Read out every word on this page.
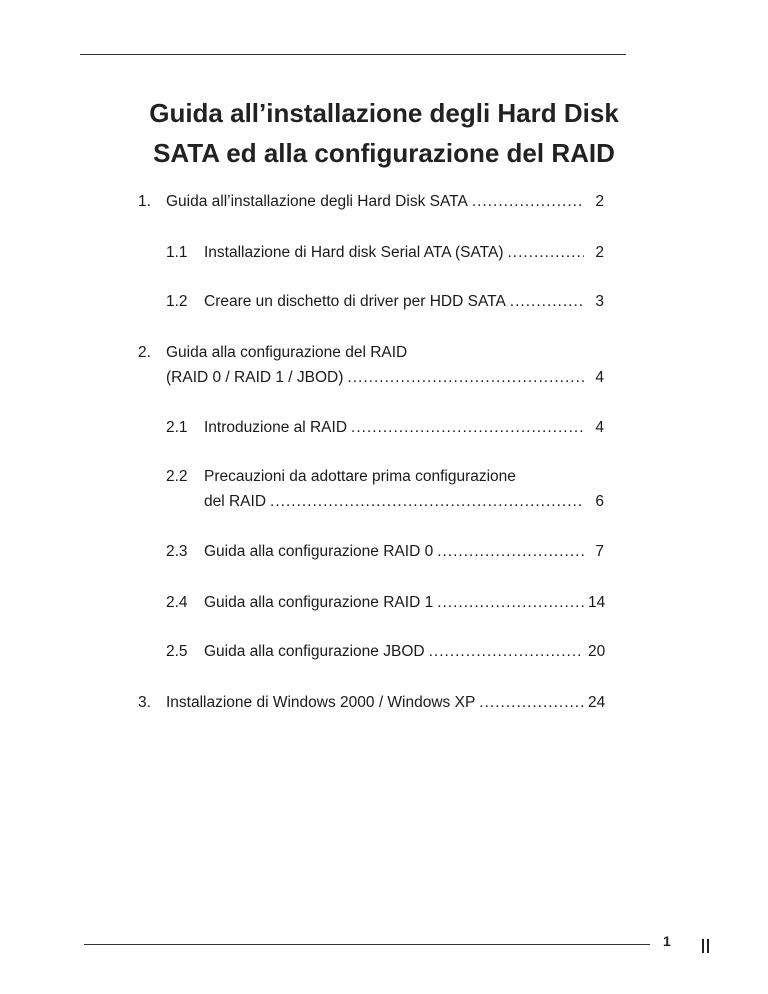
Guida all’installazione degli Hard Disk
SATA ed alla configurazione del RAID
1. Guida all’installazione degli Hard Disk SATA .....	2
1.1 Installazione di Hard disk Serial ATA (SATA) .....	2
1.2 Creare un dischetto di driver per HDD SATA .....	3
2. Guida alla configurazione del RAID
(RAID 0 / RAID 1 / JBOD) .....	4
2.1 Introduzione al RAID .....	4
2.2 Precauzioni da adottare prima configurazione
del RAID .....	6
2.3 Guida alla configurazione RAID 0 .....	7
2.4 Guida alla configurazione RAID 1 .....	14
2.5 Guida alla configurazione JBOD .....	20
3. Installazione di Windows 2000 / Windows XP .....	24
1
